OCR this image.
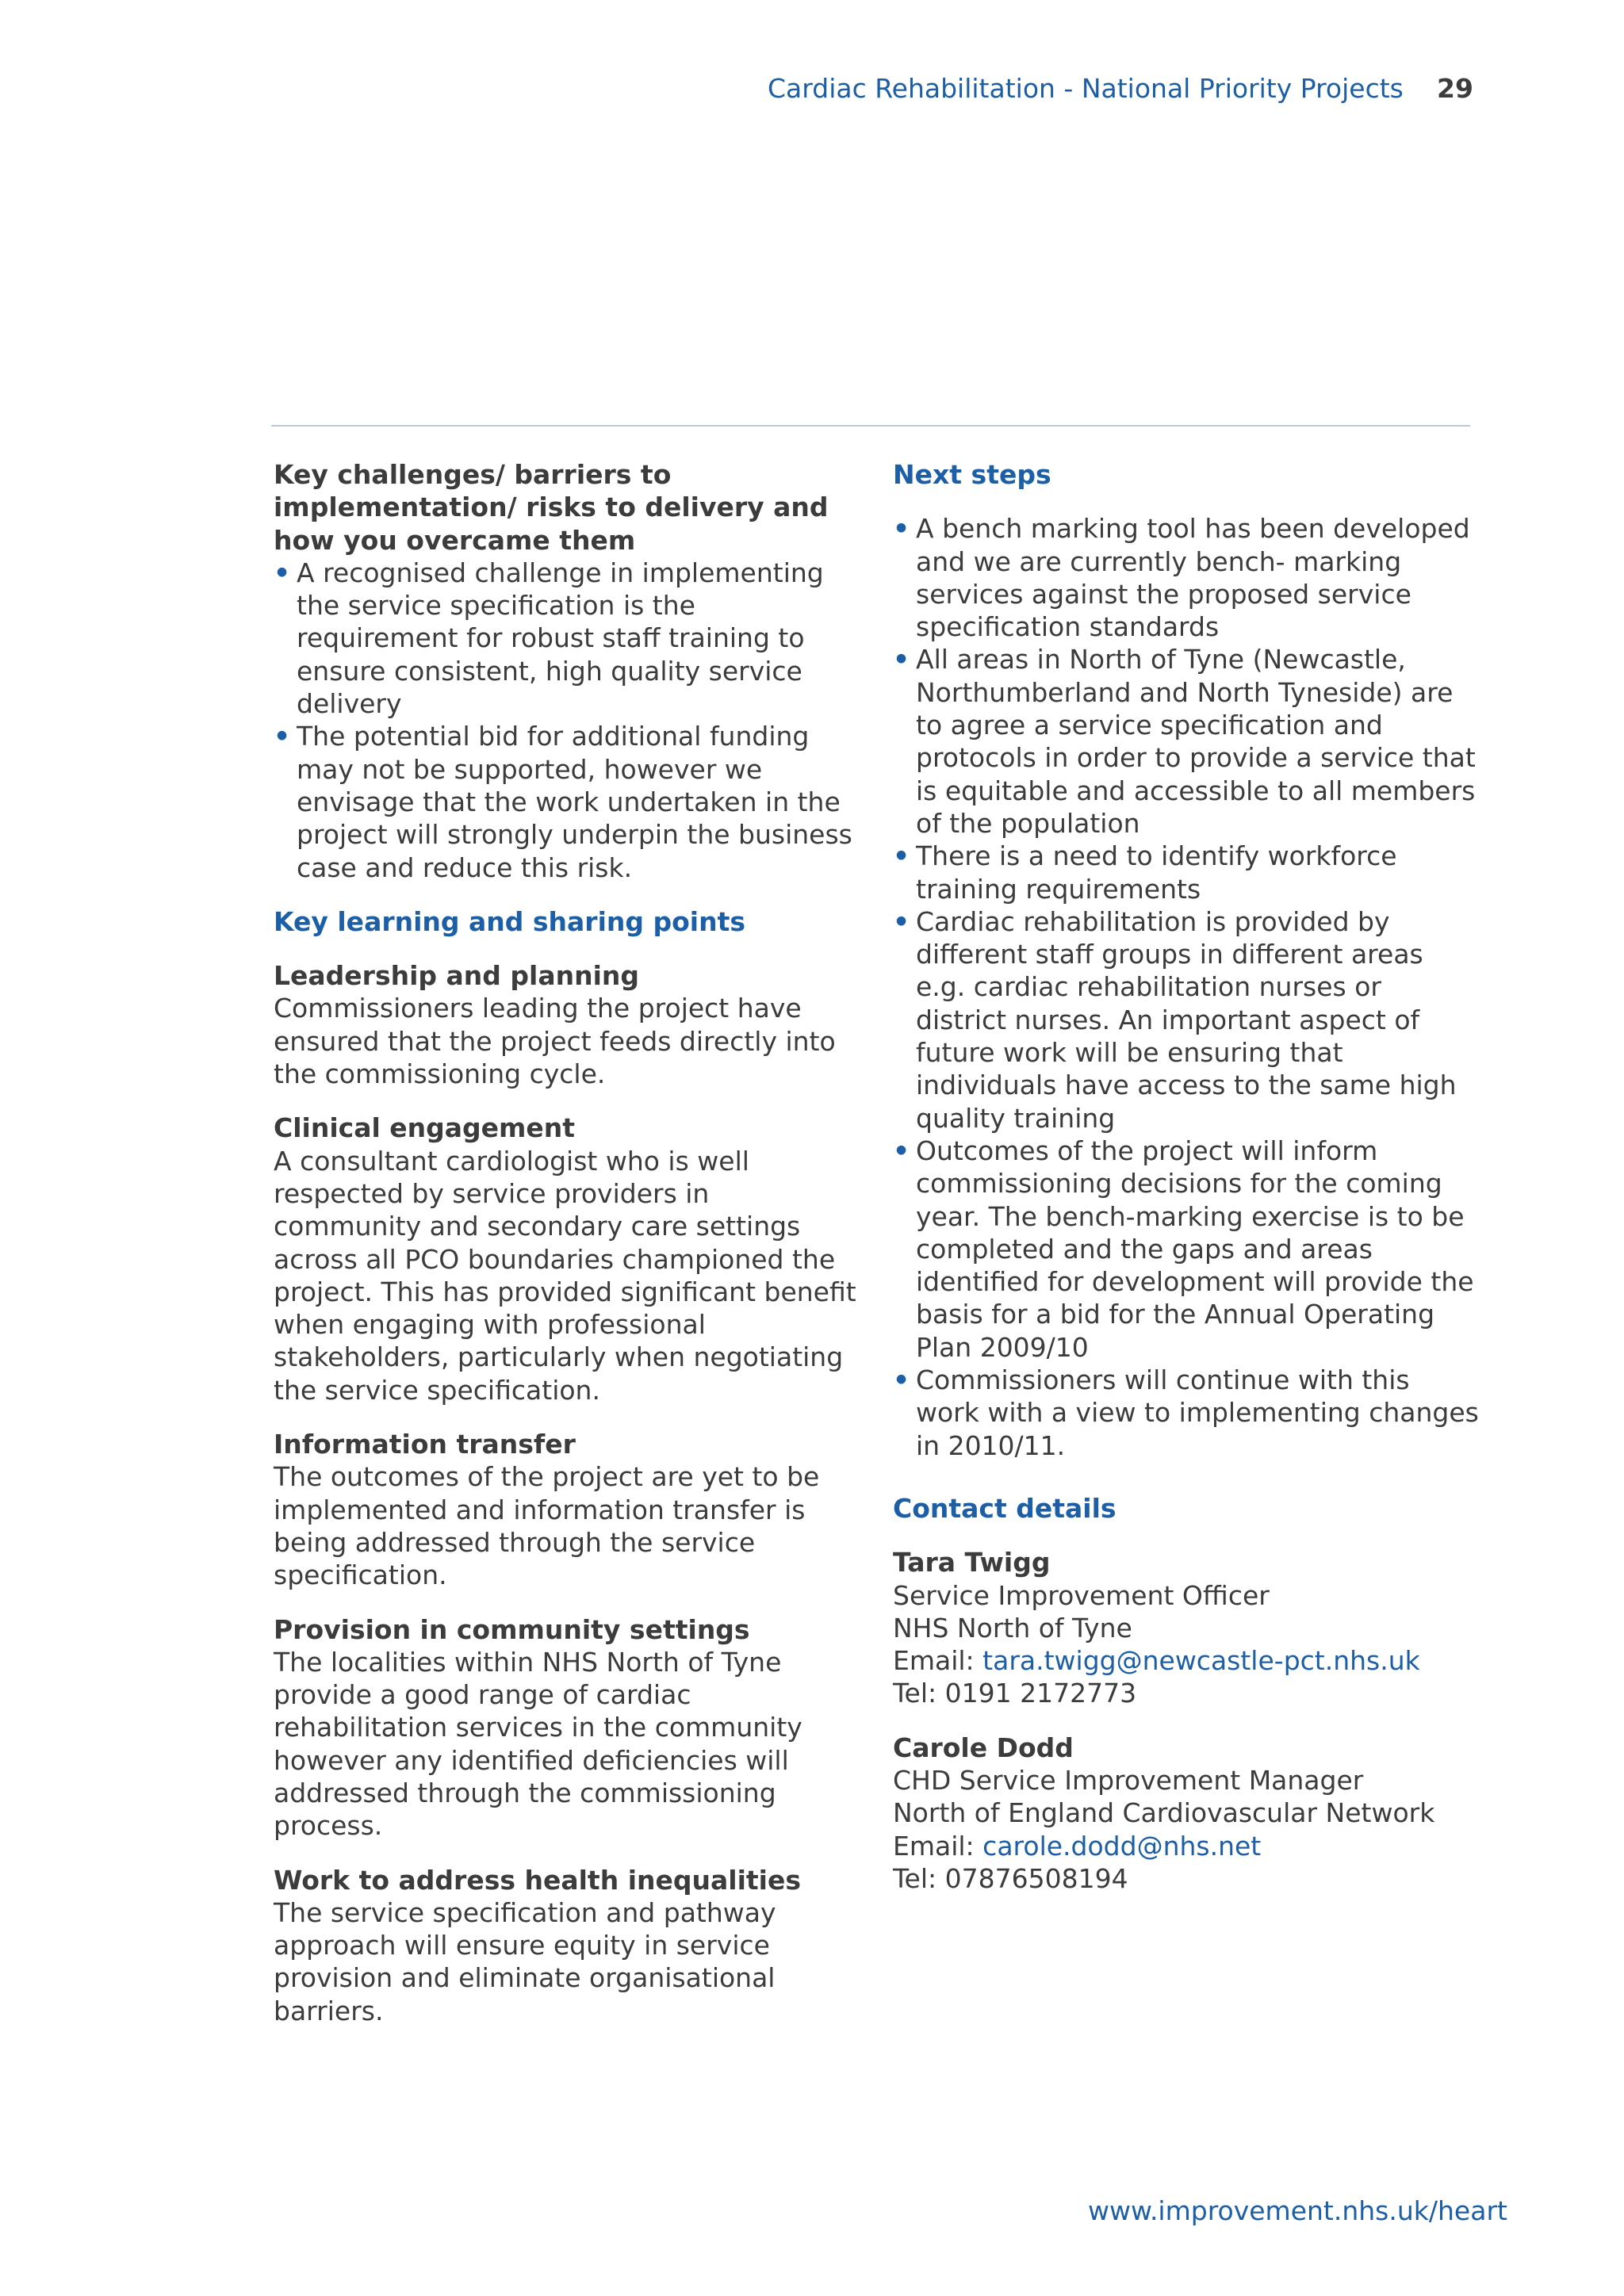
Cardiac Rehabilitation - National Priority Projects 29
Key challenges/ barriers to implementation/ risks to delivery and how you overcame them
• A recognised challenge in implementing the service specification is the requirement for robust staff training to ensure consistent, high quality service delivery
• The potential bid for additional funding may not be supported, however we envisage that the work undertaken in the project will strongly underpin the business case and reduce this risk.
Key learning and sharing points
Leadership and planning

Commissioners leading the project have ensured that the project feeds directly into the commissioning cycle.

Clinical engagement

A consultant cardiologist who is well respected by service providers in community and secondary care settings across all PCO boundaries championed the project. This has provided significant benefit when engaging with professional stakeholders, particularly when negotiating the service specification.

Information transfer

The outcomes of the project are yet to be implemented and information transfer is being addressed through the service specification.

Provision in community settings

The localities within NHS North of Tyne provide a good range of cardiac rehabilitation services in the community however any identified deficiencies will addressed through the commissioning process.

Work to address health inequalities

The service specification and pathway approach will ensure equity in service provision and eliminate organisational barriers.

Next steps
• A bench marking tool has been developed and we are currently bench- marking services against the proposed service specification standards
• All areas in North of Tyne (Newcastle, Northumberland and North Tyneside) are to agree a service specification and protocols in order to provide a service that is equitable and accessible to all members of the population
• There is a need to identify workforce training requirements
• Cardiac rehabilitation is provided by different staff groups in different areas e.g. cardiac rehabilitation nurses or district nurses. An important aspect of future work will be ensuring that individuals have access to the same high quality training
• Outcomes of the project will inform commissioning decisions for the coming year. The bench-marking exercise is to be completed and the gaps and areas identified for development will provide the basis for a bid for the Annual Operating Plan 2009/10
• Commissioners will continue with this work with a view to implementing changes in 2010/11.
Contact details
Tara Twigg

Service Improvement Officer

NHS North of Tyne

Email: tara.twigg@newcastle-pct.nhs.uk

Tel: 0191 2172773

Carole Dodd

CHD Service Improvement Manager

North of England Cardiovascular Network

Email: carole.dodd@nhs.net

Tel: 07876508194

www.improvement.nhs.uk/heart
